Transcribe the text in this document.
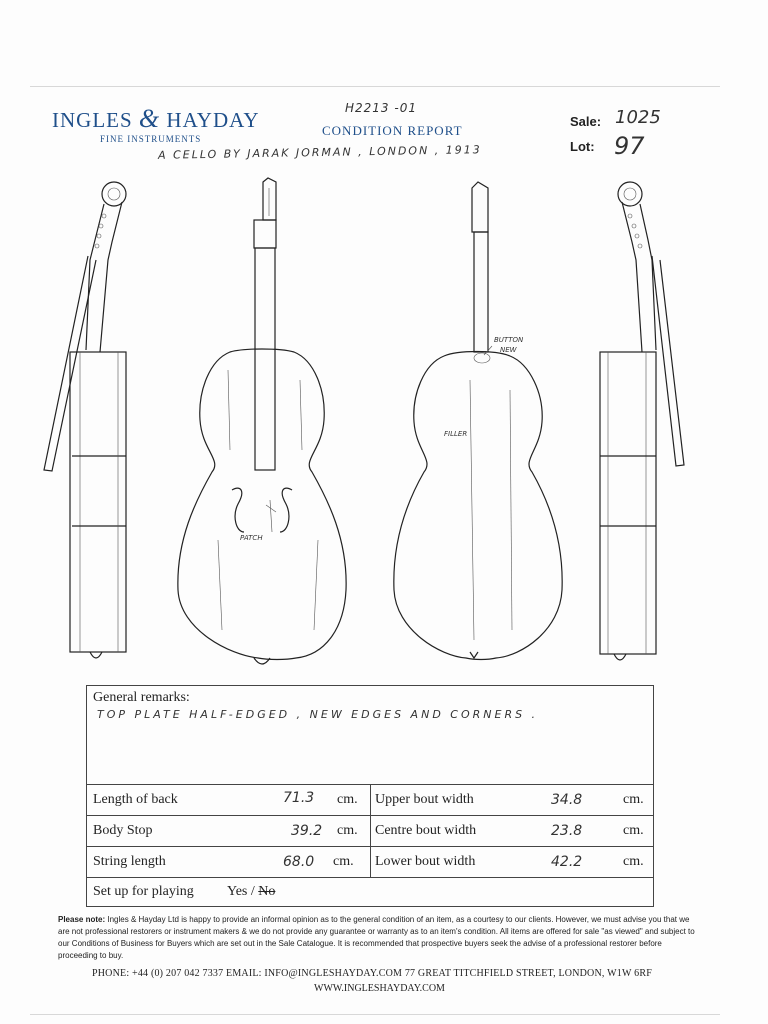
INGLES & HAYDAY
FINE INSTRUMENTS
H2213 -01
CONDITION REPORT
A CELLO BY JARAK JORMAN , LONDON , 1913
Sale: 1025
Lot: 97
PATCH
BUTTON
NEW
FILLER
General remarks:
TOP PLATE HALF-EDGED , NEW EDGES AND CORNERS .
Length of back	71.3 cm. Upper bout width	34.8	cm.
Body Stop	39.2 cm. Centre bout width	23.8	cm.
String length	68.0 cm. Lower bout width	42.2	cm.
Set up for playing Yes / No
Please note: Ingles & Hayday Ltd is happy to provide an informal opinion as to the general condition of an item, as a courtesy to our clients. However, we must advise you that we are not professional restorers or instrument makers & we do not provide any guarantee or warranty as to an item's condition. All items are offered for sale "as viewed" and subject to our Conditions of Business for Buyers which are set out in the Sale Catalogue. It is recommended that prospective buyers seek the advise of a professional restorer before proceeding to buy.
PHONE: +44 (0) 207 042 7337 EMAIL: INFO@INGLESHAYDAY.COM 77 GREAT TITCHFIELD STREET, LONDON, W1W 6RF
WWW.INGLESHAYDAY.COM
